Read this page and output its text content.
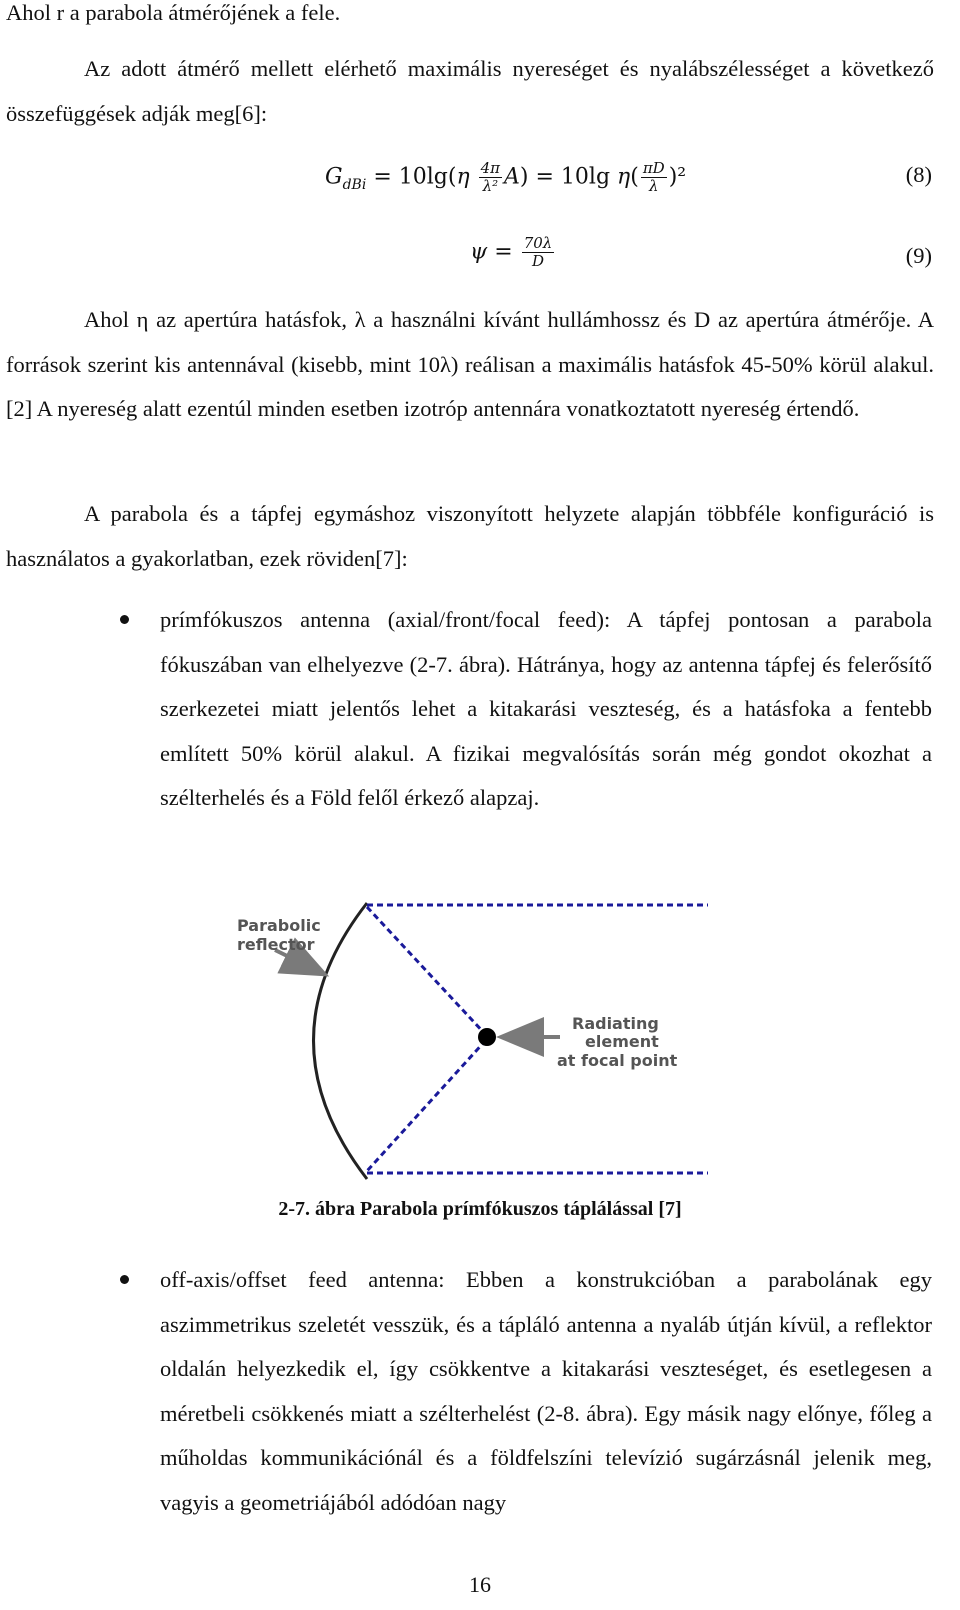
Ahol r a parabola átmérőjének a fele.

Az adott átmérő mellett elérhető maximális nyereséget és nyalábszélességet a következő összefüggések adják meg[6]:

$G_{dBi} = 10\lg(\eta \frac{4\pi}{\text{λ²}} A) = 10\lg$ $\eta( \frac{\pi D}{\lambda} )^2$	(8)
$\psi = \frac{70\lambda}{D}$	(9)

Ahol η az apertúra hatásfok, λ a használni kívánt hullámhossz és D az apertúra átmérője. A források szerint kis antennával (kisebb, mint 10λ) reálisan a maximális hatásfok 45-50% körül alakul.[2] A nyereség alatt ezentúl minden esetben izotróp antennára vonatkoztatott nyereség értendő.

A parabola és a tápfej egymáshoz viszonyított helyzete alapján többféle konfiguráció is használatos a gyakorlatban, ezek röviden[7]:

prímfókuszos antenna (axial/front/focal feed): A tápfej pontosan a parabola fókuszában van elhelyezve (2-7. ábra). Hátránya, hogy az antenna tápfej és felerősítő szerkezetei miatt jelentős lehet a kitakarási veszteség, és a hatásfoka a fentebb említett 50% körül alakul. A fizikai megvalósítás során még gondot okozhat a szélterhelés és a Föld felől érkező alapzaj.

Parabolic
reflector
Radiating
element
at focal point
2-7. ábra Parabola prímfókuszos táplálással [7]

off-axis/offset feed antenna: Ebben a konstrukcióban a parabolának egy aszimmetrikus szeletét vesszük, és a tápláló antenna a nyaláb útján kívül, a reflektor oldalán helyezkedik el, így csökkentve a kitakarási veszteséget, és esetlegesen a méretbeli csökkenés miatt a szélterhelést (2-8. ábra). Egy másik nagy előnye, főleg a műholdas kommunikációnál és a földfelszíni televízió sugárzásnál jelenik meg, vagyis a geometriájából adódóan nagy

16
